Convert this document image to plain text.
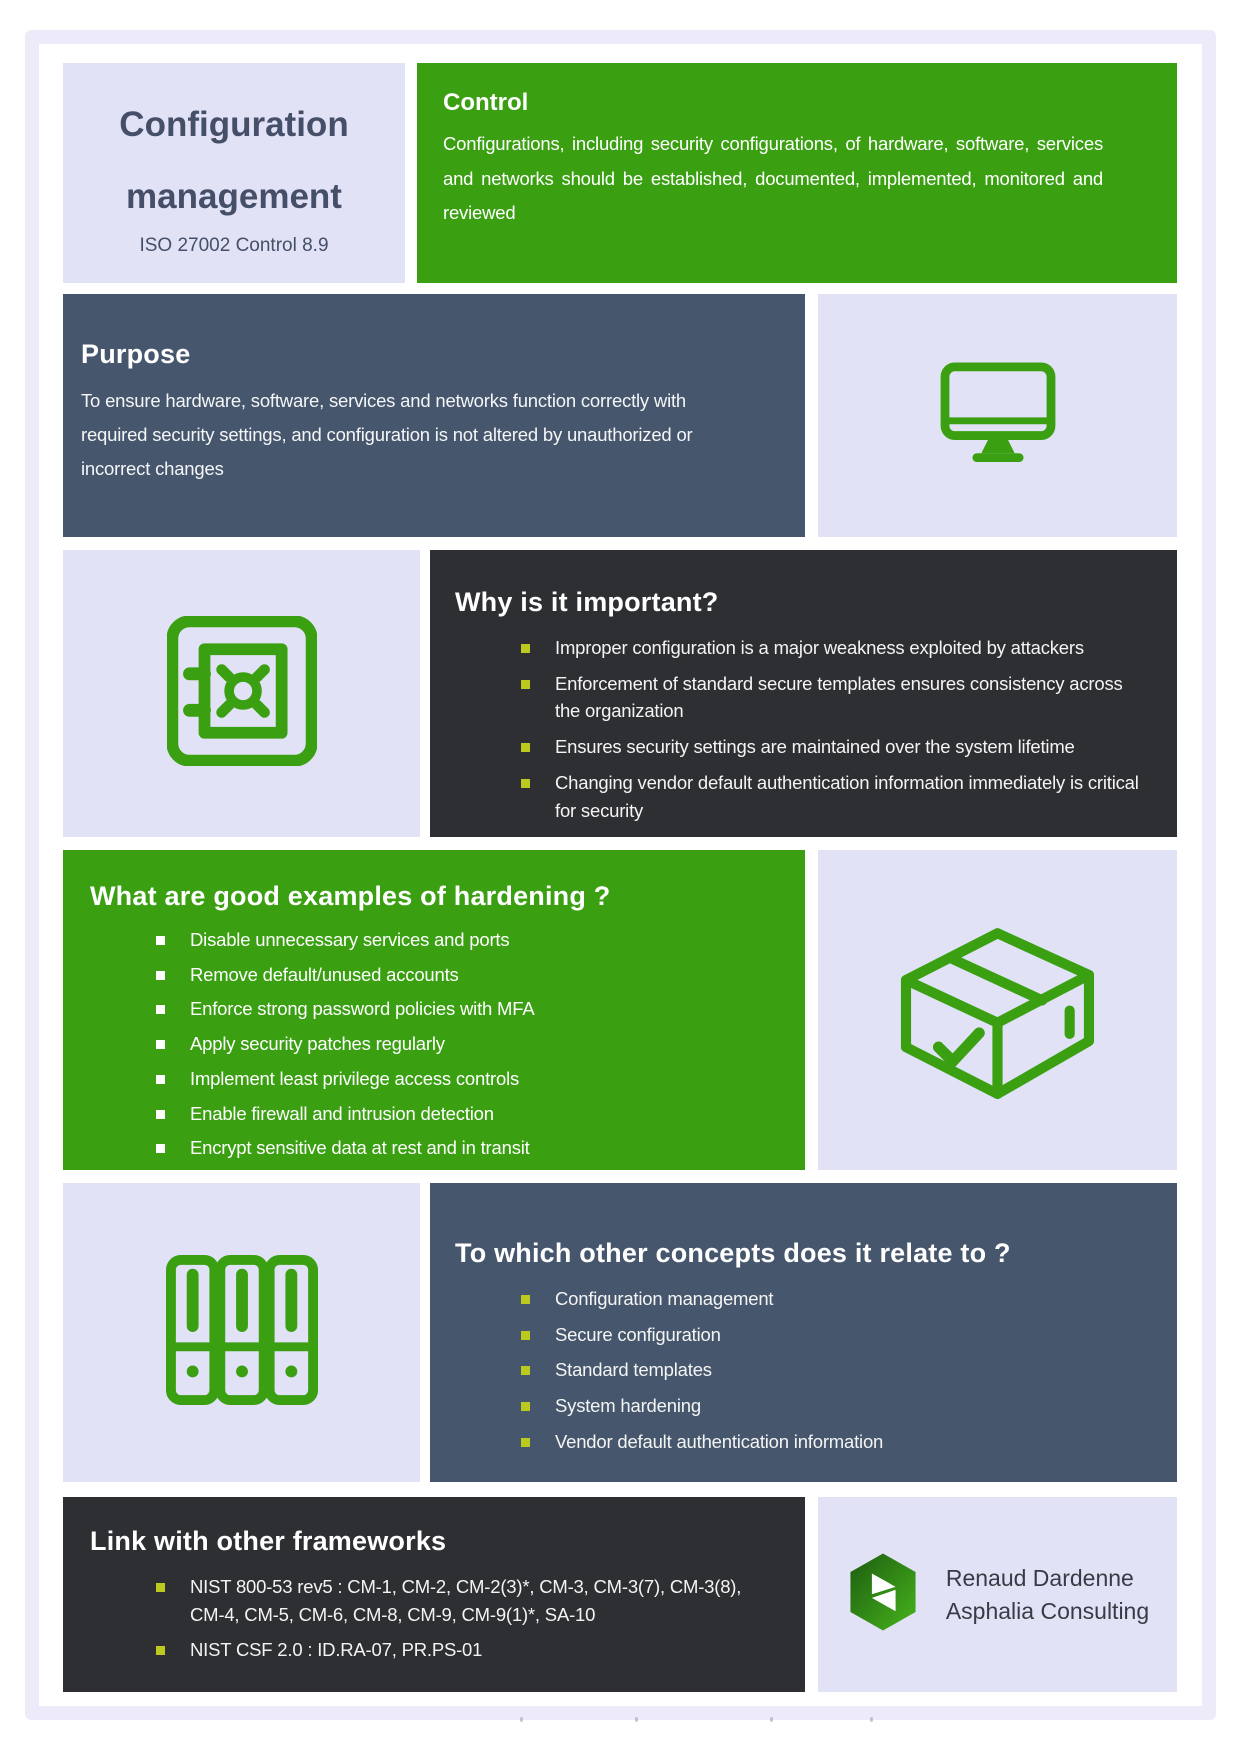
Configuration management
ISO 27002 Control 8.9
Control
Configurations, including security configurations, of hardware, software, services and networks should be established, documented, implemented, monitored and reviewed
Purpose
To ensure hardware, software, services and networks function correctly with required security settings, and configuration is not altered by unauthorized or incorrect changes
Why is it important?
Improper configuration is a major weakness exploited by attackers
Enforcement of standard secure templates ensures consistency across the organization
Ensures security settings are maintained over the system lifetime
Changing vendor default authentication information immediately is critical for security
What are good examples of hardening ?
Disable unnecessary services and ports
Remove default/unused accounts
Enforce strong password policies with MFA
Apply security patches regularly
Implement least privilege access controls
Enable firewall and intrusion detection
Encrypt sensitive data at rest and in transit
To which other concepts does it relate to ?
Configuration management
Secure configuration
Standard templates
System hardening
Vendor default authentication information
Link with other frameworks
NIST 800-53 rev5 : CM-1, CM-2, CM-2(3)*, CM-3, CM-3(7), CM-3(8), CM-4, CM-5, CM-6, CM-8, CM-9, CM-9(1)*, SA-10
NIST CSF 2.0 : ID.RA-07, PR.PS-01
Renaud Dardenne
Asphalia Consulting
